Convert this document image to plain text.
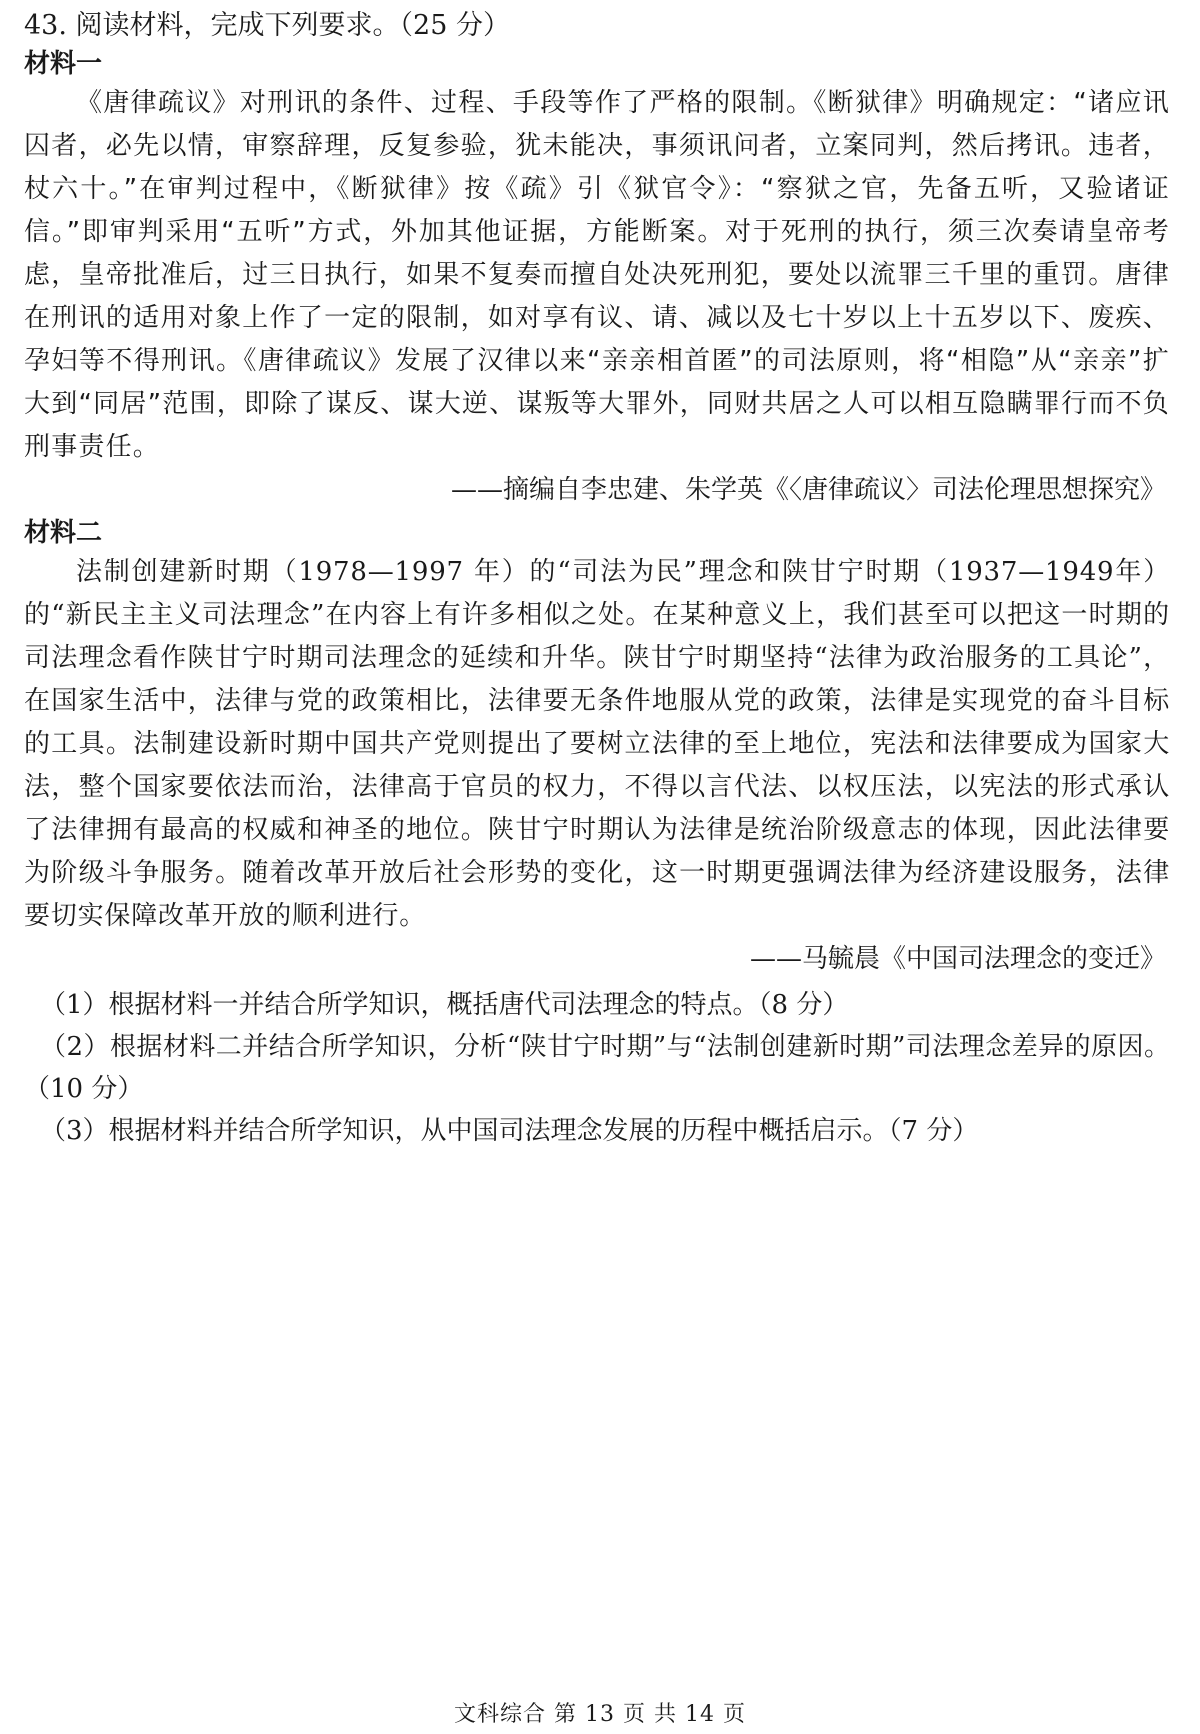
43. 阅读材料，完成下列要求。（25 分）
材料一

《唐律疏议》对刑讯的条件、过程、手段等作了严格的限制。《断狱律》明确规定：“诸应讯囚者，必先以情，审察辞理，反复参验，犹未能决，事须讯问者，立案同判，然后拷讯。违者，杖六十。”在审判过程中，《断狱律》按《疏》引《狱官令》：“察狱之官，先备五听，又验诸证信。”即审判采用“五听”方式，外加其他证据，方能断案。对于死刑的执行，须三次奏请皇帝考虑，皇帝批准后，过三日执行，如果不复奏而擅自处决死刑犯，要处以流罪三千里的重罚。唐律在刑讯的适用对象上作了一定的限制，如对享有议、请、减以及七十岁以上十五岁以下、废疾、孕妇等不得刑讯。《唐律疏议》发展了汉律以来“亲亲相首匿”的司法原则，将“相隐”从“亲亲”扩大到“同居”范围，即除了谋反、谋大逆、谋叛等大罪外，同财共居之人可以相互隐瞒罪行而不负刑事责任。

——摘编自李忠建、朱学英《〈唐律疏议〉司法伦理思想探究》
材料二

法制创建新时期（1978—1997 年）的“司法为民”理念和陕甘宁时期（1937—1949年）的“新民主主义司法理念”在内容上有许多相似之处。在某种意义上，我们甚至可以把这一时期的司法理念看作陕甘宁时期司法理念的延续和升华。陕甘宁时期坚持“法律为政治服务的工具论”，在国家生活中，法律与党的政策相比，法律要无条件地服从党的政策，法律是实现党的奋斗目标的工具。法制建设新时期中国共产党则提出了要树立法律的至上地位，宪法和法律要成为国家大法，整个国家要依法而治，法律高于官员的权力，不得以言代法、以权压法，以宪法的形式承认了法律拥有最高的权威和神圣的地位。陕甘宁时期认为法律是统治阶级意志的体现，因此法律要为阶级斗争服务。随着改革开放后社会形势的变化，这一时期更强调法律为经济建设服务，法律要切实保障改革开放的顺利进行。

——马毓晨《中国司法理念的变迁》

（1）根据材料一并结合所学知识，概括唐代司法理念的特点。（8 分）

（2）根据材料二并结合所学知识，分析“陕甘宁时期”与“法制创建新时期”司法理念差异的原因。（10 分）

（3）根据材料并结合所学知识，从中国司法理念发展的历程中概括启示。（7 分）

文科综合 第 13 页 共 14 页
